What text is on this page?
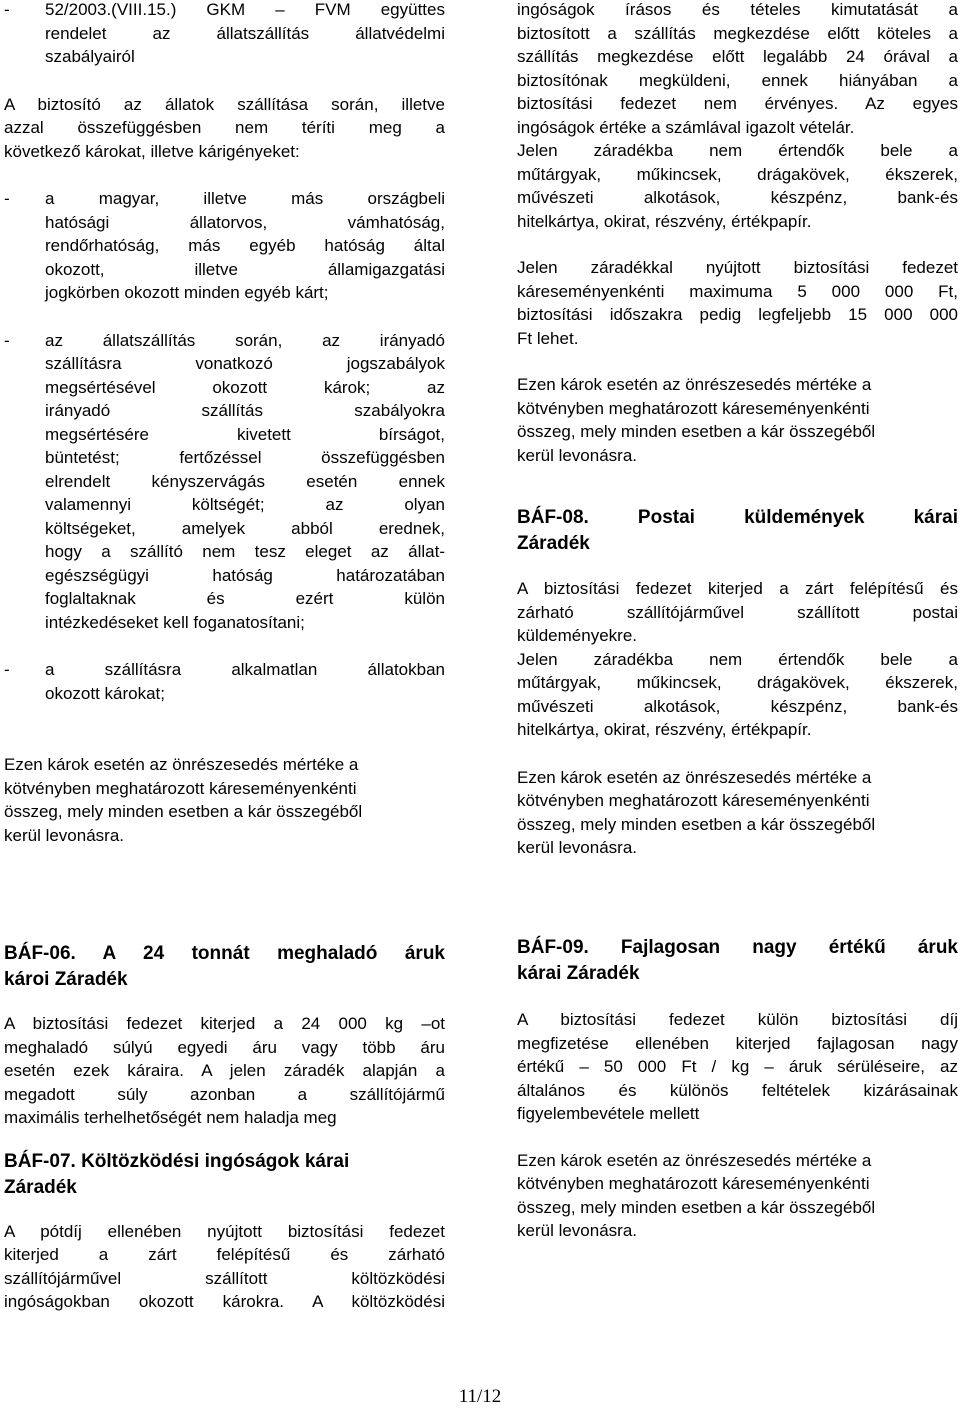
-	52/2003.(VIII.15.) GKM – FVM együttes
rendelet az állatszállítás állatvédelmi
szabályairól
A biztosító az állatok szállítása során, illetve
azzal összefüggésben nem téríti meg a
következő károkat, illetve kárigényeket:
-	a magyar, illetve más országbeli
hatósági állatorvos, vámhatóság,
rendőrhatóság, más egyéb hatóság által
okozott, illetve államigazgatási
jogkörben okozott minden egyéb kárt;
-	az állatszállítás során, az irányadó
szállításra vonatkozó jogszabályok
megsértésével okozott károk; az
irányadó szállítás szabályokra
megsértésére kivetett bírságot,
büntetést; fertőzéssel összefüggésben
elrendelt kényszervágás esetén ennek
valamennyi költségét; az olyan
költségeket, amelyek abból erednek,
hogy a szállító nem tesz eleget az állat-
egészségügyi hatóság határozatában
foglaltaknak és ezért külön
intézkedéseket kell foganatosítani;
-	a szállításra alkalmatlan állatokban
okozott károkat;
Ezen károk esetén az önrészesedés mértéke a
kötvényben meghatározott káreseményenkénti
összeg, mely minden esetben a kár összegéből
kerül levonásra.
BÁF-06. A 24 tonnát meghaladó áruk
károi Záradék
A biztosítási fedezet kiterjed a 24 000 kg –ot
meghaladó súlyú egyedi áru vagy több áru
esetén ezek káraira. A jelen záradék alapján a
megadott súly azonban a szállítójármű
maximális terhelhetőségét nem haladja meg
BÁF-07. Költözködési ingóságok kárai
Záradék
A pótdíj ellenében nyújtott biztosítási fedezet
kiterjed a zárt felépítésű és zárható
szállítójárművel szállított költözködési
ingóságokban okozott károkra. A költözködési
ingóságok írásos és tételes kimutatását a
biztosított a szállítás megkezdése előtt köteles a
szállítás megkezdése előtt legalább 24 órával a
biztosítónak megküldeni, ennek hiányában a
biztosítási fedezet nem érvényes. Az egyes
ingóságok értéke a számlával igazolt vételár.
Jelen záradékba nem értendők bele a
műtárgyak, műkincsek, drágakövek, ékszerek,
művészeti alkotások, készpénz, bank-és
hitelkártya, okirat, részvény, értékpapír.
Jelen záradékkal nyújtott biztosítási fedezet
káreseményenkénti maximuma 5 000 000 Ft,
biztosítási időszakra pedig legfeljebb 15 000 000
Ft lehet.
Ezen károk esetén az önrészesedés mértéke a
kötvényben meghatározott káreseményenkénti
összeg, mely minden esetben a kár összegéből
kerül levonásra.
BÁF-08. Postai küldemények kárai
Záradék
A biztosítási fedezet kiterjed a zárt felépítésű és
zárható szállítójárművel szállított postai
küldeményekre.
Jelen záradékba nem értendők bele a
műtárgyak, műkincsek, drágakövek, ékszerek,
művészeti alkotások, készpénz, bank-és
hitelkártya, okirat, részvény, értékpapír.
Ezen károk esetén az önrészesedés mértéke a
kötvényben meghatározott káreseményenkénti
összeg, mely minden esetben a kár összegéből
kerül levonásra.
BÁF-09. Fajlagosan nagy értékű áruk
kárai Záradék
A biztosítási fedezet külön biztosítási díj
megfizetése ellenében kiterjed fajlagosan nagy
értékű – 50 000 Ft / kg – áruk sérüléseire, az
általános és különös feltételek kizárásainak
figyelembevétele mellett
Ezen károk esetén az önrészesedés mértéke a
kötvényben meghatározott káreseményenkénti
összeg, mely minden esetben a kár összegéből
kerül levonásra.
11/12
